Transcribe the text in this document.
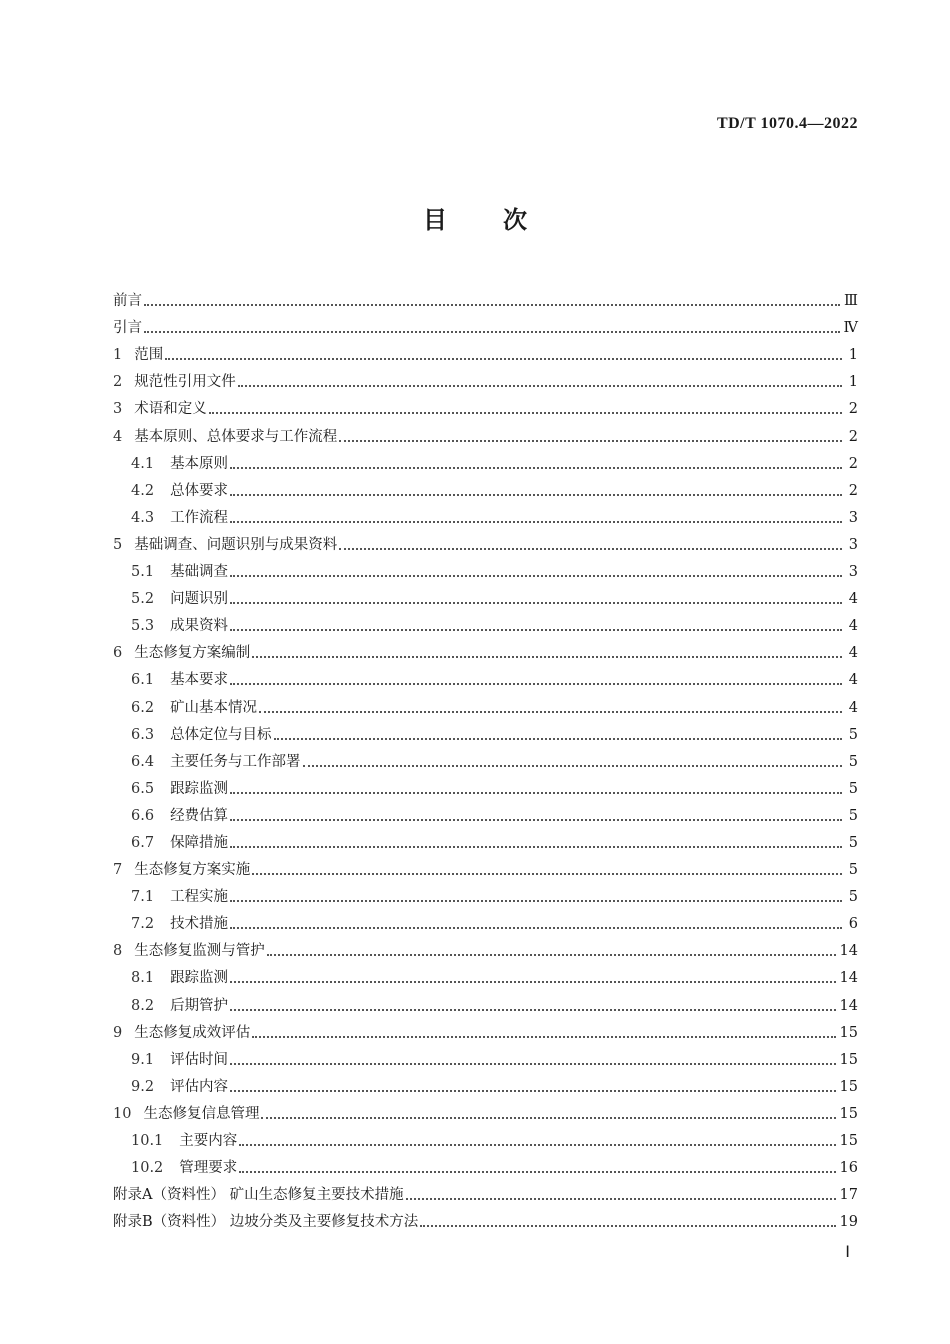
TD/T 1070.4—2022
目次
前言	Ⅲ
引言	Ⅳ
1 范围	1
2 规范性引用文件	1
3 术语和定义	2
4 基本原则、总体要求与工作流程	2
4.1 基本原则	2
4.2 总体要求	2
4.3 工作流程	3
5 基础调查、问题识别与成果资料	3
5.1 基础调查	3
5.2 问题识别	4
5.3 成果资料	4
6 生态修复方案编制	4
6.1 基本要求	4
6.2 矿山基本情况	4
6.3 总体定位与目标	5
6.4 主要任务与工作部署	5
6.5 跟踪监测	5
6.6 经费估算	5
6.7 保障措施	5
7 生态修复方案实施	5
7.1 工程实施	5
7.2 技术措施	6
8 生态修复监测与管护	14
8.1 跟踪监测	14
8.2 后期管护	14
9 生态修复成效评估	15
9.1 评估时间	15
9.2 评估内容	15
10 生态修复信息管理	15
10.1 主要内容	15
10.2 管理要求	16
附录A（资料性） 矿山生态修复主要技术措施	17
附录B（资料性） 边坡分类及主要修复技术方法	19
Ⅰ
